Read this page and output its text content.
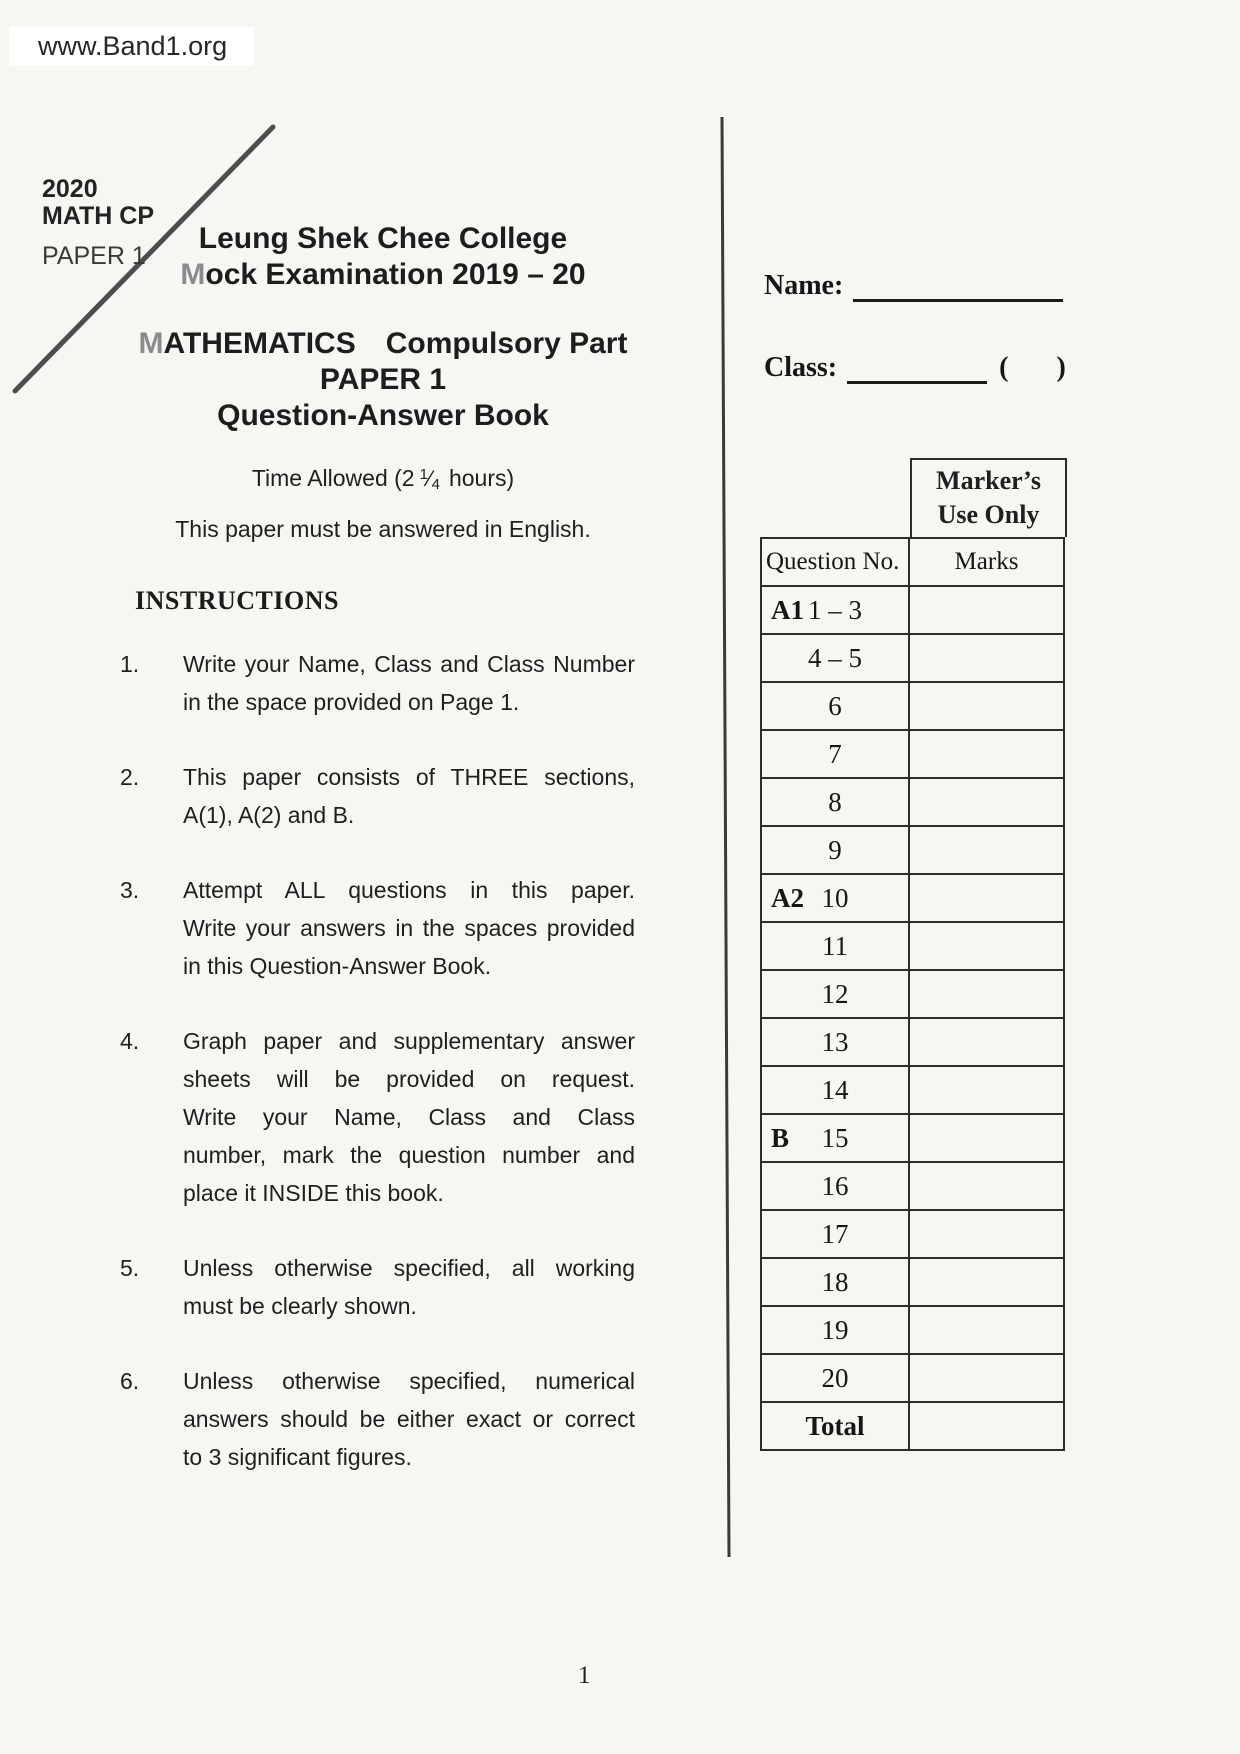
www.Band1.org
2020
MATH CP
PAPER 1
Leung Shek Chee College
Mock Examination 2019 – 20
MATHEMATICS Compulsory Part
PAPER 1
Question-Answer Book
Time Allowed (2 $^1$⁄4 hours)
This paper must be answered in English.
INSTRUCTIONS
1.	Write your Name, Class and Class Number
in the space provided on Page 1.
2.	This paper consists of THREE sections,
A(1), A(2) and B.
3.	Attempt ALL questions in this paper.
Write your answers in the spaces provided
in this Question-Answer Book.
4.	Graph paper and supplementary answer
sheets will be provided on request.
Write your Name, Class and Class
number, mark the question number and
place it INSIDE this book.
5.	Unless otherwise specified, all working
must be clearly shown.
6.	Unless otherwise specified, numerical
answers should be either exact or correct
to 3 significant figures.
Name:
Class:	( )
Marker’s
Use Only
Question No.	Marks

A1 1 – 3	
4 – 5	
6	
7	
8	
9	

A2 10	
11	
12	
13	
14	

B 15	
16	
17	
18	
19	
20	
Total	
1
